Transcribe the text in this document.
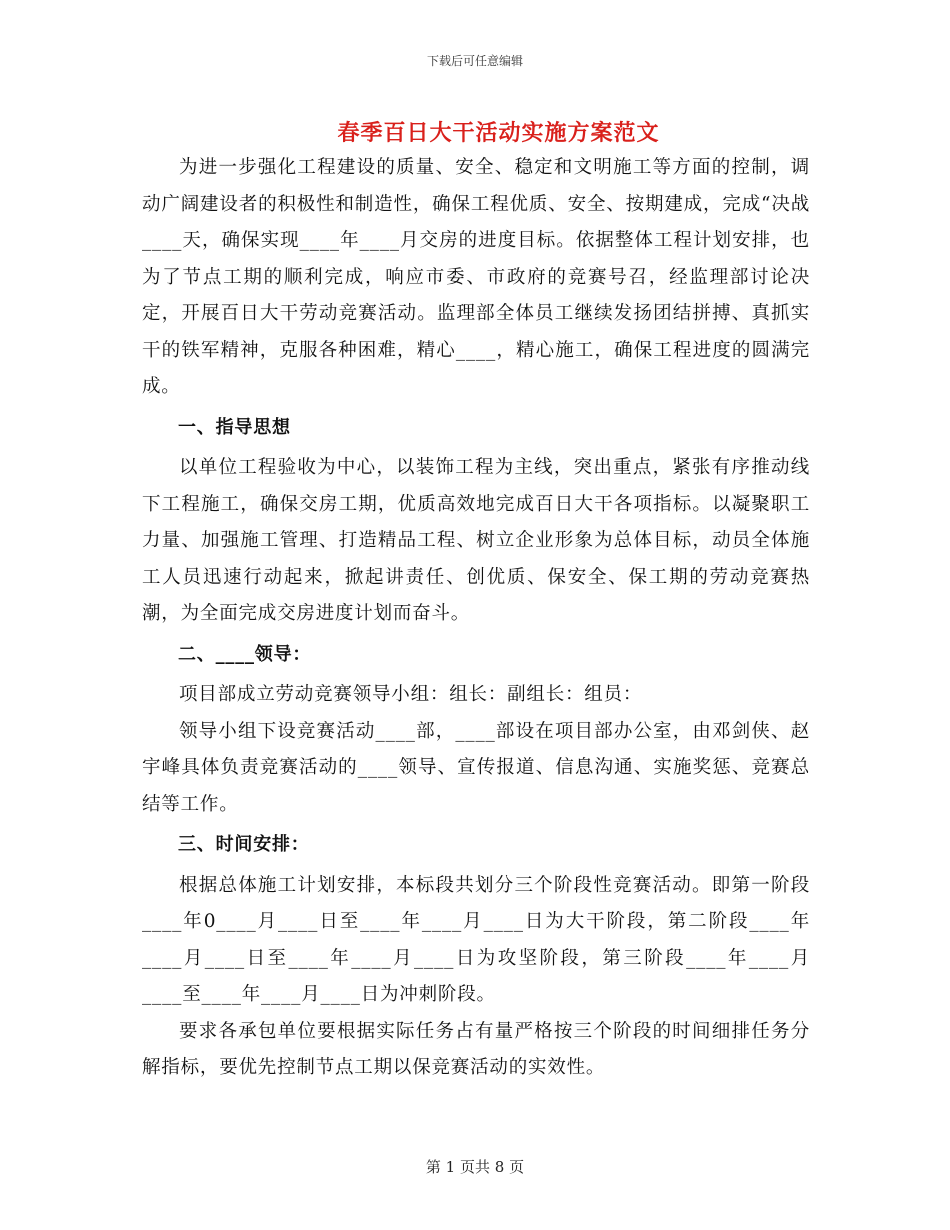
下载后可任意编辑
春季百日大干活动实施方案范文

为进一步强化工程建设的质量、安全、稳定和文明施工等方面的控制，调动广阔建设者的积极性和制造性，确保工程优质、安全、按期建成，完成“决战____天，确保实现____年____月交房的进度目标。依据整体工程计划安排，也为了节点工期的顺利完成，响应市委、市政府的竞赛号召，经监理部讨论决定，开展百日大干劳动竞赛活动。监理部全体员工继续发扬团结拼搏、真抓实干的铁军精神，克服各种困难，精心____，精心施工，确保工程进度的圆满完成。

一、指导思想

以单位工程验收为中心，以装饰工程为主线，突出重点，紧张有序推动线下工程施工，确保交房工期，优质高效地完成百日大干各项指标。以凝聚职工力量、加强施工管理、打造精品工程、树立企业形象为总体目标，动员全体施工人员迅速行动起来，掀起讲责任、创优质、保安全、保工期的劳动竞赛热潮，为全面完成交房进度计划而奋斗。

二、____领导：

项目部成立劳动竞赛领导小组：组长：副组长：组员：

领导小组下设竞赛活动____部，____部设在项目部办公室，由邓剑侠、赵宇峰具体负责竞赛活动的____领导、宣传报道、信息沟通、实施奖惩、竞赛总结等工作。

三、时间安排：

根据总体施工计划安排，本标段共划分三个阶段性竞赛活动。即第一阶段____年0____月____日至____年____月____日为大干阶段，第二阶段____年____月____日至____年____月____日为攻坚阶段，第三阶段____年____月____至____年____月____日为冲刺阶段。

要求各承包单位要根据实际任务占有量严格按三个阶段的时间细排任务分解指标，要优先控制节点工期以保竞赛活动的实效性。

第 1 页共 8 页
